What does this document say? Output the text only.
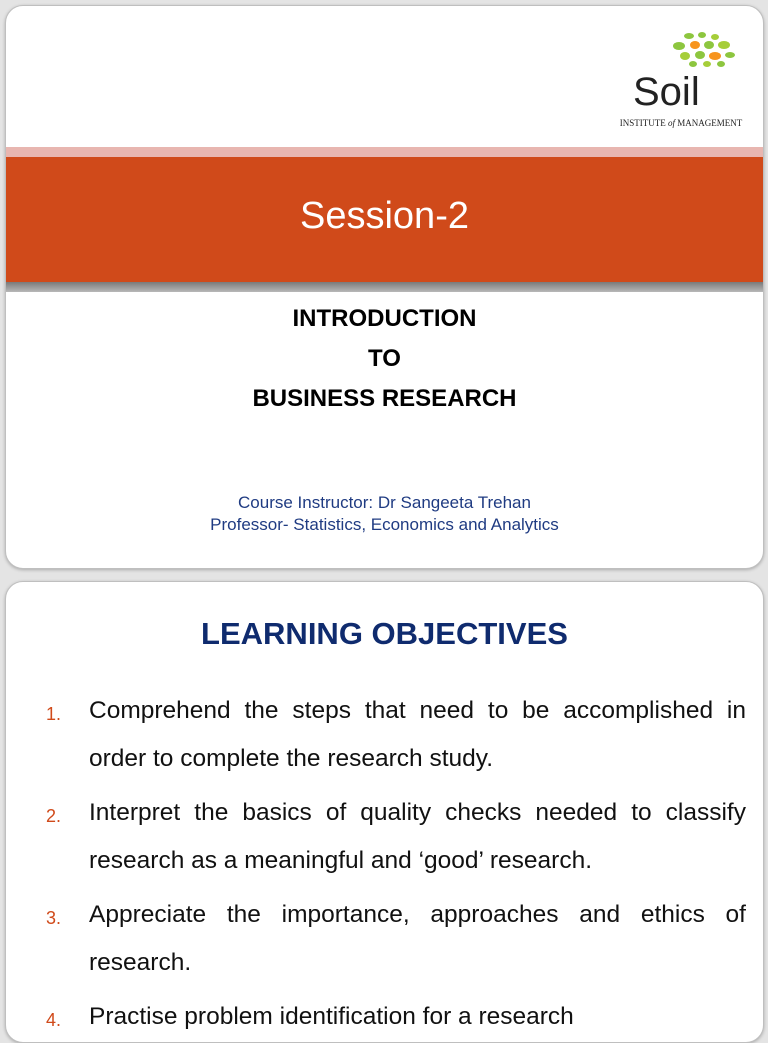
Soil
INSTITUTE of MANAGEMENT
Session-2
INTRODUCTION
TO
BUSINESS RESEARCH
Course Instructor: Dr Sangeeta Trehan
Professor- Statistics, Economics and Analytics
LEARNING OBJECTIVES
1.	Comprehend the steps that need to be accomplished in order to complete the research study.
2.	Interpret the basics of quality checks needed to classify research as a meaningful and ‘good’ research.
3.	Appreciate the importance, approaches and ethics of research.
4.	Practise problem identification for a research
